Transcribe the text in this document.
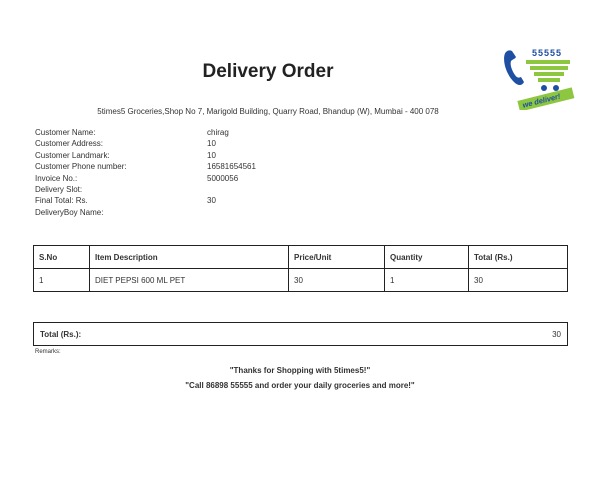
Delivery Order
55555
we deliver!
5times5 Groceries,Shop No 7, Marigold Building, Quarry Road, Bhandup (W), Mumbai - 400 078
Customer Name:	chirag
Customer Address:	10
Customer Landmark:	10
Customer Phone number:	16581654561
Invoice No.:	5000056
Delivery Slot:
Final Total: Rs.	30
DeliveryBoy Name:
S.No	Item Description	Price/Unit	Quantity	Total (Rs.)
1	DIET PEPSI 600 ML PET	30	1	30
Total (Rs.):	30
Remarks:
"Thanks for Shopping with 5times5!"
"Call 86898 55555 and order your daily groceries and more!"
